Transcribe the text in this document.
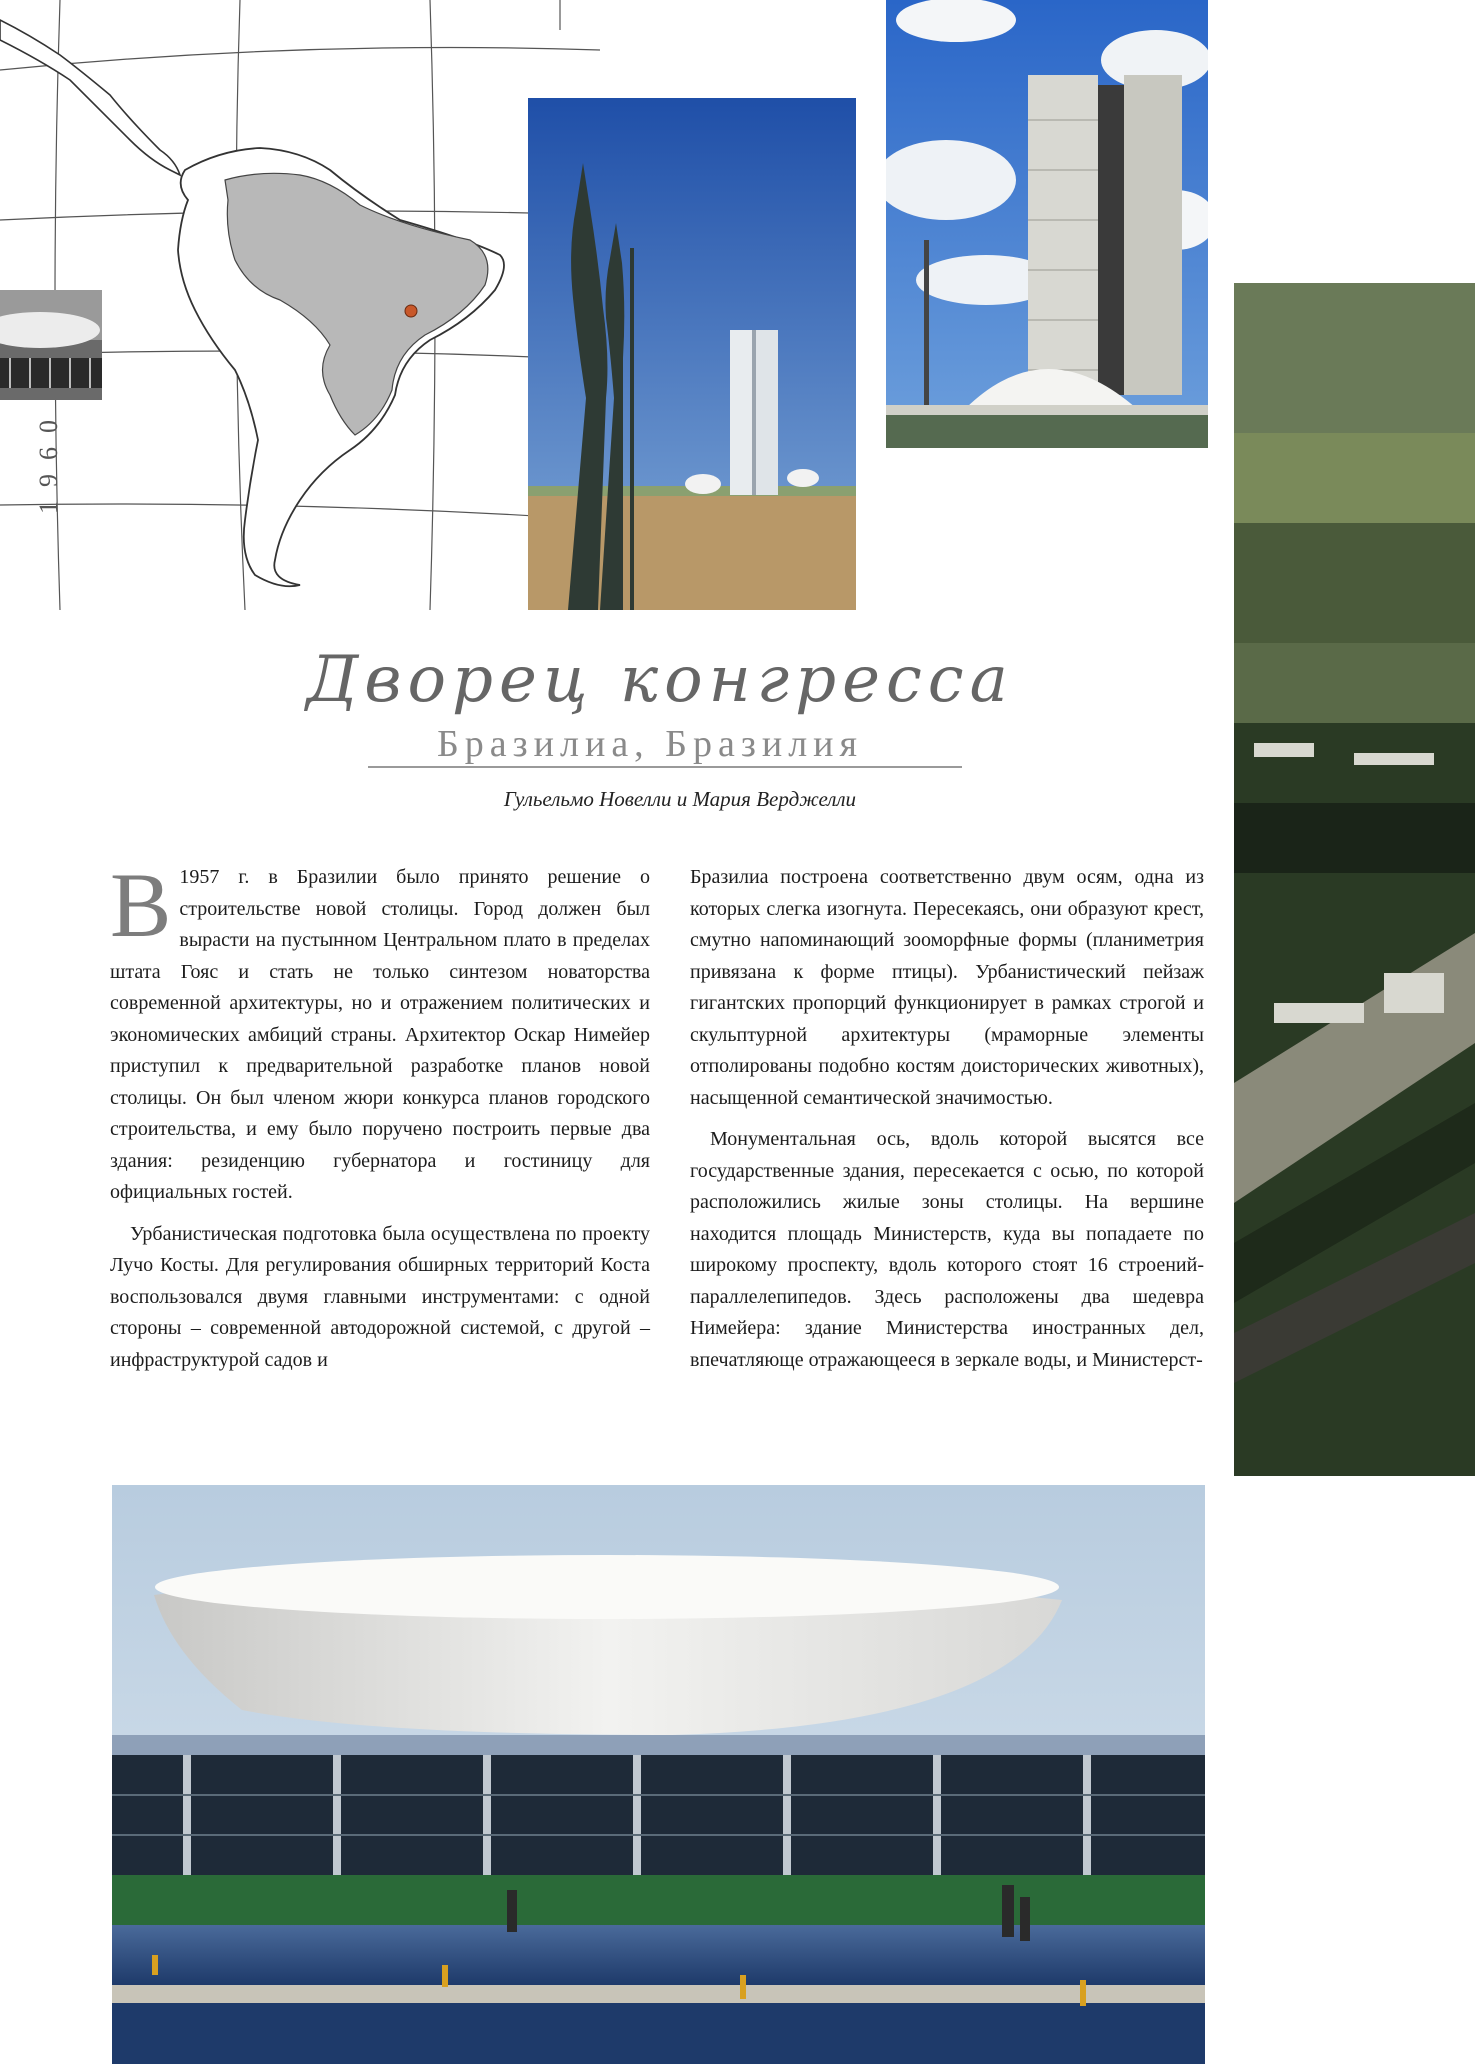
1960
Дворец конгресса
Бразилиа, Бразилия
Гульельмо Новелли и Мария Верджелли

В 1957 г. в Бразилии было принято решение о строительстве новой столицы. Город должен был вырасти на пустынном Центральном плато в пределах штата Гояс и стать не только синтезом новаторства современной архитектуры, но и отражением политических и экономических амбиций страны. Архитектор Оскар Нимейер приступил к предварительной разработке планов новой столицы. Он был членом жюри конкурса планов городского строительства, и ему было поручено построить первые два здания: резиденцию губернатора и гостиницу для официальных гостей.

Урбанистическая подготовка была осуществлена по проекту Лучо Косты. Для регулирования обширных территорий Коста воспользовался двумя главными инструментами: с одной стороны – современной автодорожной системой, с другой – инфраструктурой садов и

Бразилиа построена соответственно двум осям, одна из которых слегка изогнута. Пересекаясь, они образуют крест, смутно напоминающий зооморфные формы (планиметрия привязана к форме птицы). Урбанистический пейзаж гигантских пропорций функционирует в рамках строгой и скульптурной архитектуры (мраморные элементы отполированы подобно костям доисторических животных), насыщенной семантической значимостью.

Монументальная ось, вдоль которой высятся все государственные здания, пересекается с осью, по которой расположились жилые зоны столицы. На вершине находится площадь Министерств, куда вы попадаете по широкому проспекту, вдоль которого стоят 16 строений-параллелепипедов. Здесь расположены два шедевра Нимейера: здание Министерства иностранных дел, впечатляюще отражающееся в зеркале воды, и Министерст-
